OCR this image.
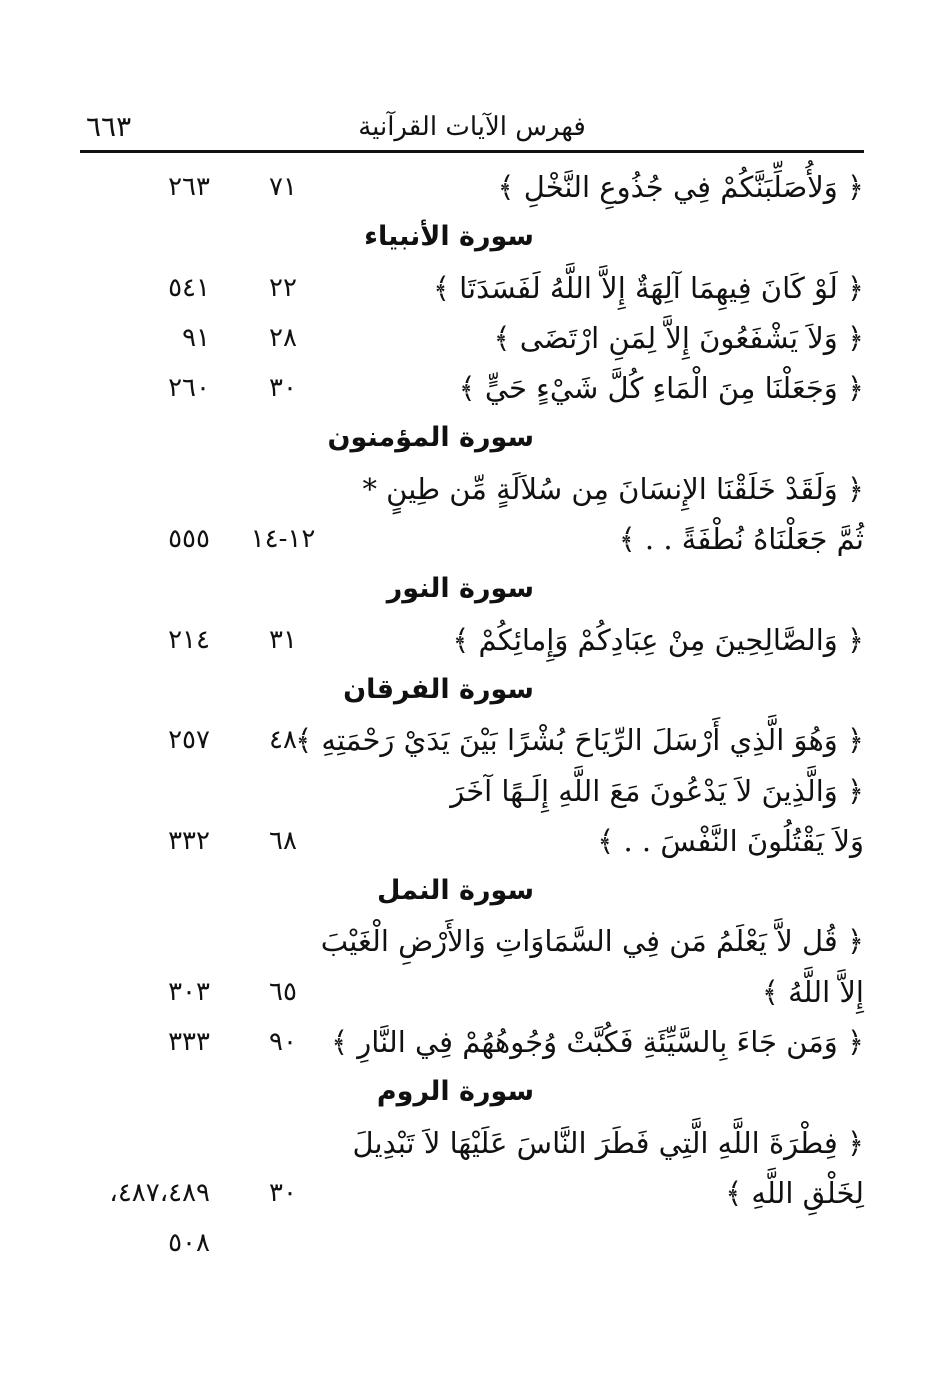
فهرس الآيات القرآنية
٦٦٣
﴿ وَلأُصَلِّبَنَّكُمْ فِي جُذُوعِ النَّخْلِ ﴾
٧١
٢٦٣
سورة الأنبياء
﴿ لَوْ كَانَ فِيهِمَا آلِهَةٌ إِلاَّ اللَّهُ لَفَسَدَتَا ﴾
٢٢
٥٤١
﴿ وَلاَ يَشْفَعُونَ إِلاَّ لِمَنِ ارْتَضَى ﴾
٢٨
٩١
﴿ وَجَعَلْنَا مِنَ الْمَاءِ كُلَّ شَيْءٍ حَيٍّ ﴾
٣٠
٢٦٠
سورة المؤمنون
﴿ وَلَقَدْ خَلَقْنَا الإِنسَانَ مِن سُلاَلَةٍ مِّن طِينٍ *
ثُمَّ جَعَلْنَاهُ نُطْفَةً . . ﴾
١٢-١٤
٥٥٥
سورة النور
﴿ وَالصَّالِحِينَ مِنْ عِبَادِكُمْ وَإِمائِكُمْ ﴾
٣١
٢١٤
سورة الفرقان
﴿ وَهُوَ الَّذِي أَرْسَلَ الرِّيَاحَ بُشْرًا بَيْنَ يَدَيْ رَحْمَتِهِ ﴾
٤٨
٢٥٧
﴿ وَالَّذِينَ لاَ يَدْعُونَ مَعَ اللَّهِ إِلَـهًا آخَرَ
وَلاَ يَقْتُلُونَ النَّفْسَ . . ﴾
٦٨
٣٣٢
سورة النمل
﴿ قُل لاَّ يَعْلَمُ مَن فِي السَّمَاوَاتِ وَالأَرْضِ الْغَيْبَ
إِلاَّ اللَّهُ ﴾
٦٥
٣٠٣
﴿ وَمَن جَاءَ بِالسَّيِّئَةِ فَكُبَّتْ وُجُوهُهُمْ فِي النَّارِ ﴾
٩٠
٣٣٣
سورة الروم
﴿ فِطْرَةَ اللَّهِ الَّتِي فَطَرَ النَّاسَ عَلَيْهَا لاَ تَبْدِيلَ
لِخَلْقِ اللَّهِ ﴾
٣٠
٤٨٧،٤٨٩،
٥٠٨
